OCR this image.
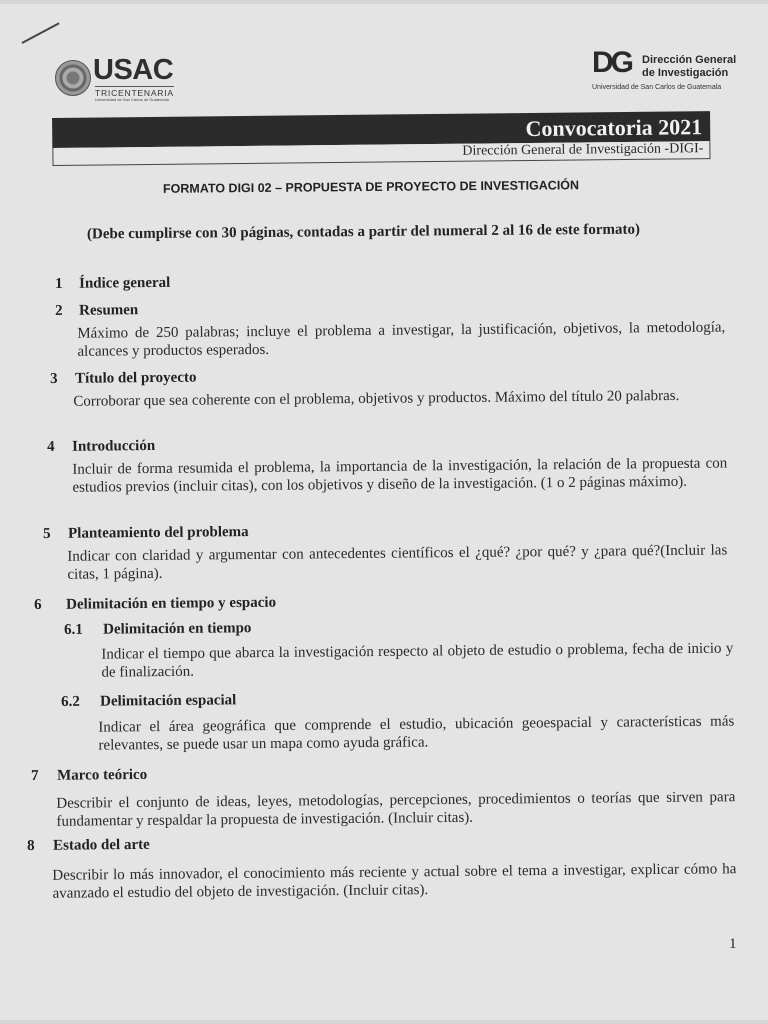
USAC
TRICENTENARIA
Universidad de San Carlos de Guatemala
DG Dirección General
de Investigación
Universidad de San Carlos de Guatemala
Convocatoria 2021
Dirección General de Investigación -DIGI-
FORMATO DIGI 02 – PROPUESTA DE PROYECTO DE INVESTIGACIÓN
(Debe cumplirse con 30 páginas, contadas a partir del numeral 2 al 16 de este formato)
1 Índice general
2 Resumen
Máximo de 250 palabras; incluye el problema a investigar, la justificación, objetivos, la metodología, alcances y productos esperados.
3 Título del proyecto
Corroborar que sea coherente con el problema, objetivos y productos. Máximo del título 20 palabras.
4 Introducción
Incluir de forma resumida el problema, la importancia de la investigación, la relación de la propuesta con estudios previos (incluir citas), con los objetivos y diseño de la investigación. (1 o 2 páginas máximo).
5 Planteamiento del problema
Indicar con claridad y argumentar con antecedentes científicos el ¿qué? ¿por qué? y ¿para qué?(Incluir las citas, 1 página).
6 Delimitación en tiempo y espacio
6.1 Delimitación en tiempo
Indicar el tiempo que abarca la investigación respecto al objeto de estudio o problema, fecha de inicio y de finalización.
6.2 Delimitación espacial
Indicar el área geográfica que comprende el estudio, ubicación geoespacial y características más relevantes, se puede usar un mapa como ayuda gráfica.
7 Marco teórico
Describir el conjunto de ideas, leyes, metodologías, percepciones, procedimientos o teorías que sirven para fundamentar y respaldar la propuesta de investigación. (Incluir citas).
8 Estado del arte
Describir lo más innovador, el conocimiento más reciente y actual sobre el tema a investigar, explicar cómo ha avanzado el estudio del objeto de investigación. (Incluir citas).
1
